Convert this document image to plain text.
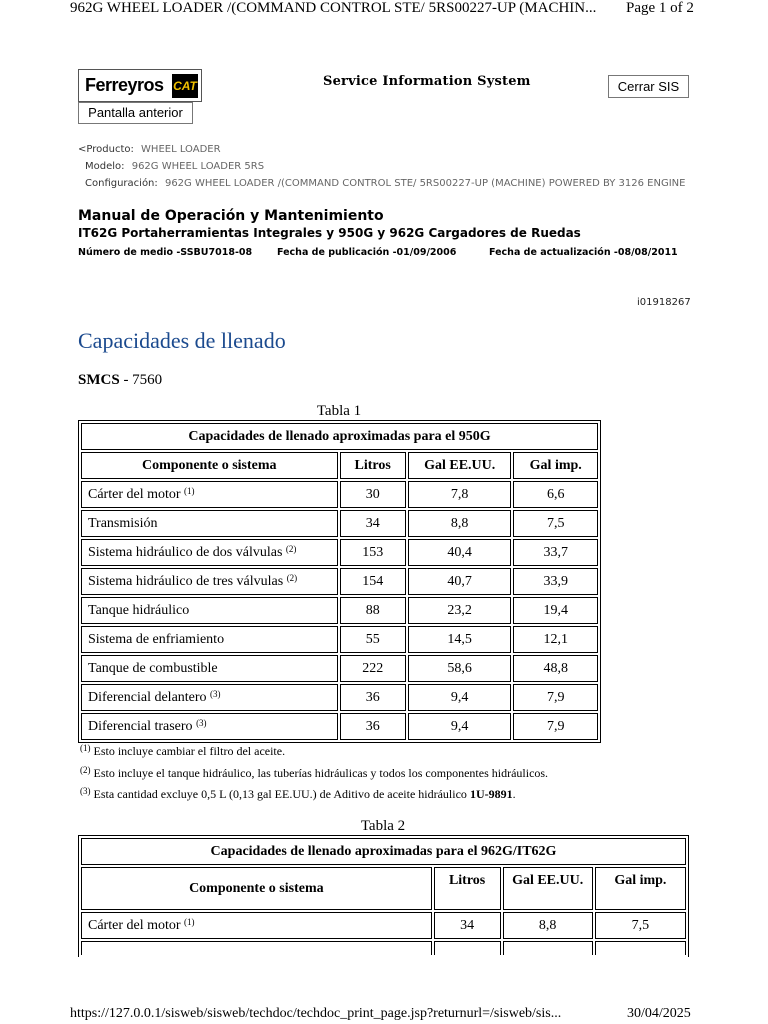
962G WHEEL LOADER /(COMMAND CONTROL STE/ 5RS00227-UP (MACHIN... Page 1 of 2
Ferreyros CAT	Service Information System	Cerrar SIS
Pantalla anterior
<Producto: WHEEL LOADER
Modelo: 962G WHEEL LOADER 5RS
Configuración: 962G WHEEL LOADER /(COMMAND CONTROL STE/ 5RS00227-UP (MACHINE) POWERED BY 3126 ENGINE
Manual de Operación y Mantenimiento
IT62G Portaherramientas Integrales y 950G y 962G Cargadores de Ruedas
Número de medio -SSBU7018-08	Fecha de publicación -01/09/2006	Fecha de actualización -08/08/2011
i01918267
Capacidades de llenado
SMCS - 7560
Tabla 1
Capacidades de llenado aproximadas para el 950G			
Componente o sistema	Litros	Gal EE.UU.	Gal imp.
Cárter del motor $^{(1)}$	30	7,8	6,6
Transmisión	34	8,8	7,5
Sistema hidráulico de dos válvulas $^{(2)}$	153	40,4	33,7
Sistema hidráulico de tres válvulas $^{(2)}$	154	40,7	33,9
Tanque hidráulico	88	23,2	19,4
Sistema de enfriamiento	55	14,5	12,1
Tanque de combustible	222	58,6	48,8
Diferencial delantero $^{(3)}$	36	9,4	7,9
Diferencial trasero $^{(3)}$	36	9,4	7,9
$^{(1)}$ Esto incluye cambiar el filtro del aceite.
$^{(2)}$ Esto incluye el tanque hidráulico, las tuberías hidráulicas y todos los componentes hidráulicos.
$^{(3)}$ Esta cantidad excluye 0,5 L (0,13 gal EE.UU.) de Aditivo de aceite hidráulico 1U-9891.
Tabla 2
Capacidades de llenado aproximadas para el 962G/IT62G			
Componente o sistema	Litros	Gal EE.UU.	Gal imp.
Cárter del motor $^{(1)}$	34	8,8	7,5

https://127.0.0.1/sisweb/sisweb/techdoc/techdoc_print_page.jsp?returnurl=/sisweb/sis...	30/04/2025
